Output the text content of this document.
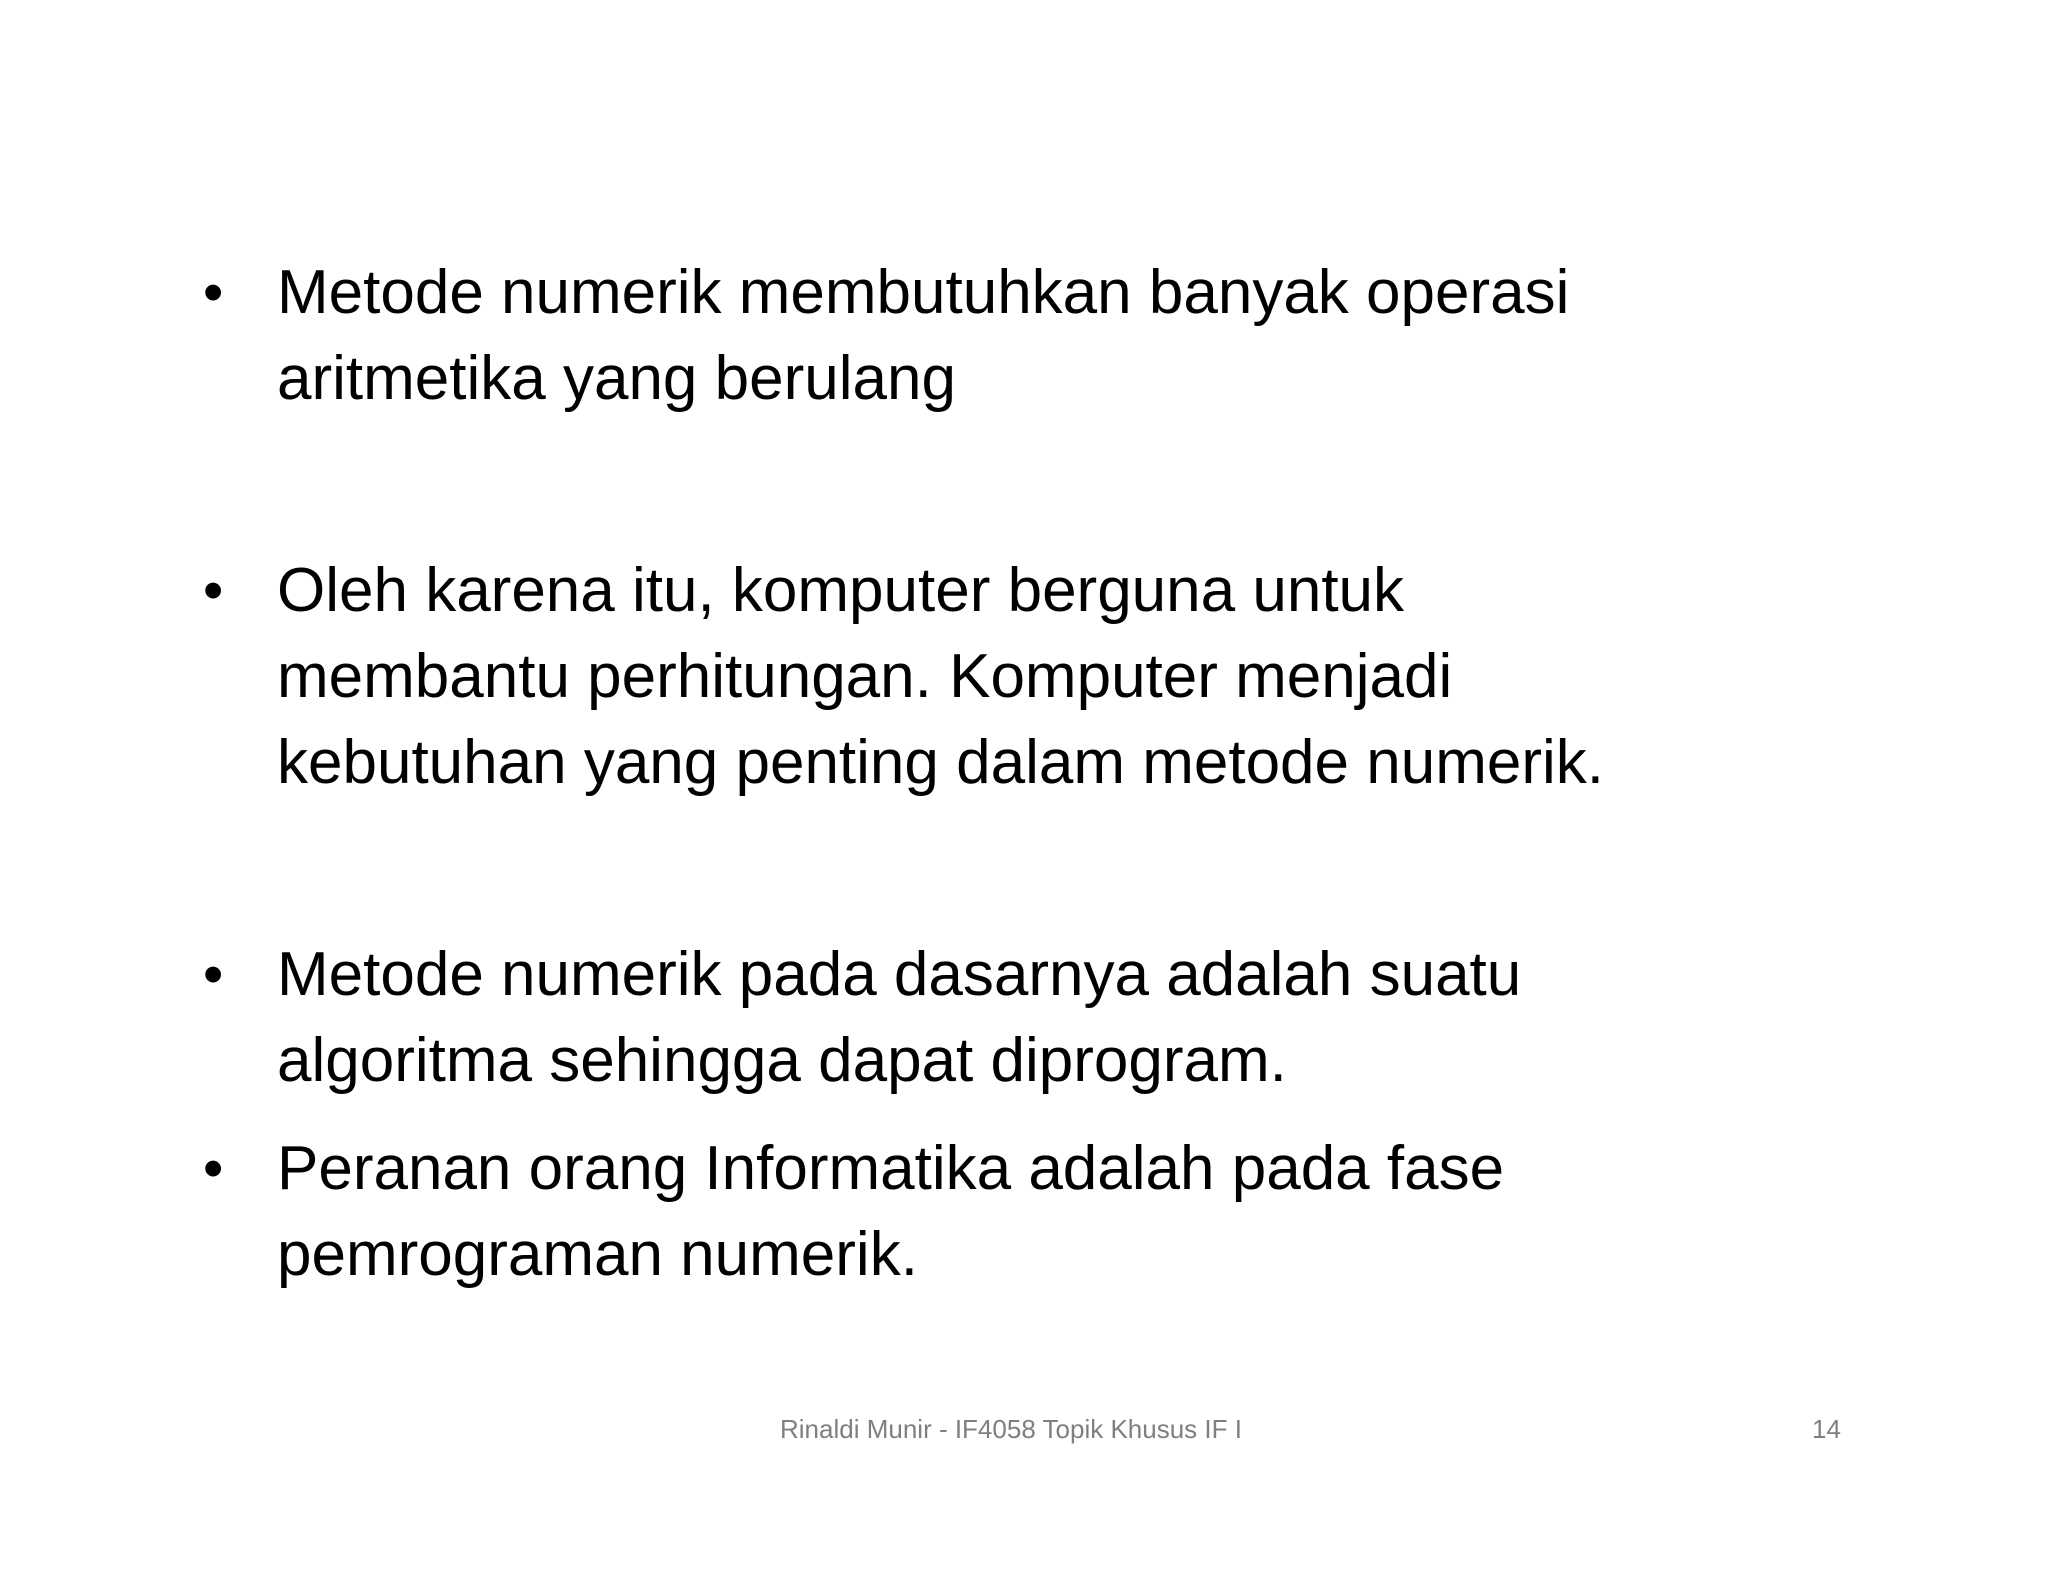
• Metode numerik membutuhkan banyak operasi
aritmetika yang berulang
• Oleh karena itu, komputer berguna untuk
membantu perhitungan. Komputer menjadi
kebutuhan yang penting dalam metode numerik.
• Metode numerik pada dasarnya adalah suatu
algoritma sehingga dapat diprogram.
• Peranan orang Informatika adalah pada fase
pemrograman numerik.
Rinaldi Munir - IF4058 Topik Khusus IF I	14
